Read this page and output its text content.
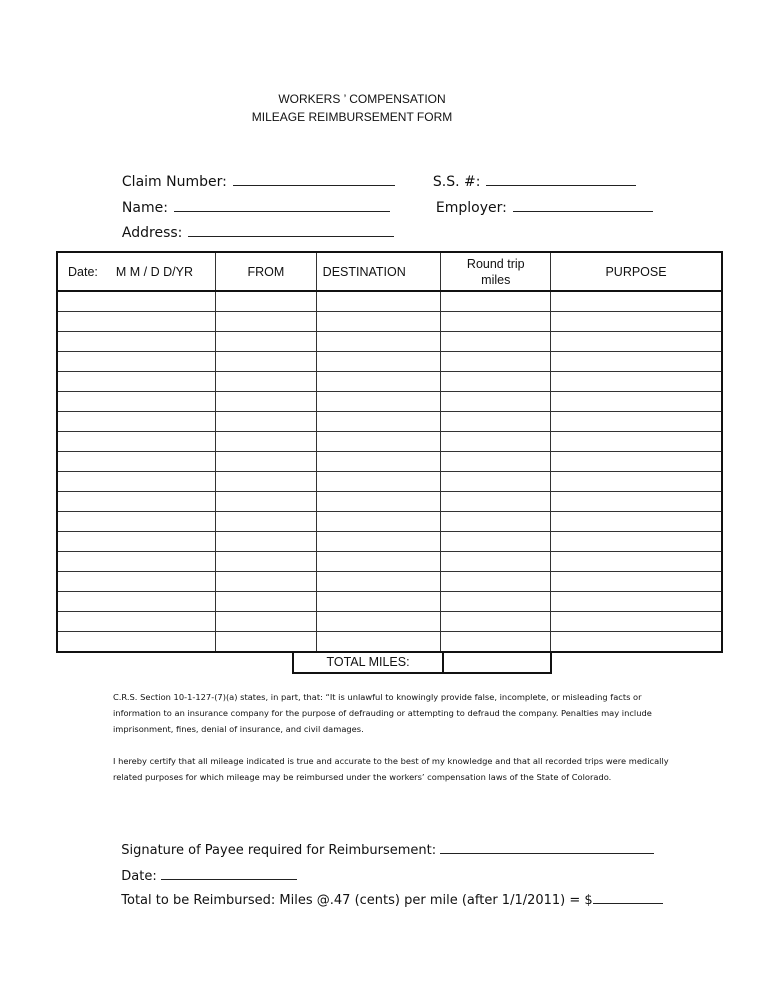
WORKERS ’ COMPENSATION
MILEAGE REIMBURSEMENT FORM

Claim Number:	S.S. #:

Name:	Employer:

Address:

Date: M M / D D/YR	FROM	DESTINATION	Round trip
miles	PURPOSE

TOTAL MILES:
C.R.S. Section 10-1-127-(7)(a) states, in part, that: “It is unlawful to knowingly provide false, incomplete, or misleading facts or information to an insurance company for the purpose of defrauding or attempting to defraud the company. Penalties may include imprisonment, fines, denial of insurance, and civil damages.
I hereby certify that all mileage indicated is true and accurate to the best of my knowledge and that all recorded trips were medically related purposes for which mileage may be reimbursed under the workers’ compensation laws of the State of Colorado.

Signature of Payee required for Reimbursement:

Date:

Total to be Reimbursed: Miles @.47 (cents) per mile (after 1/1/2011) = $
